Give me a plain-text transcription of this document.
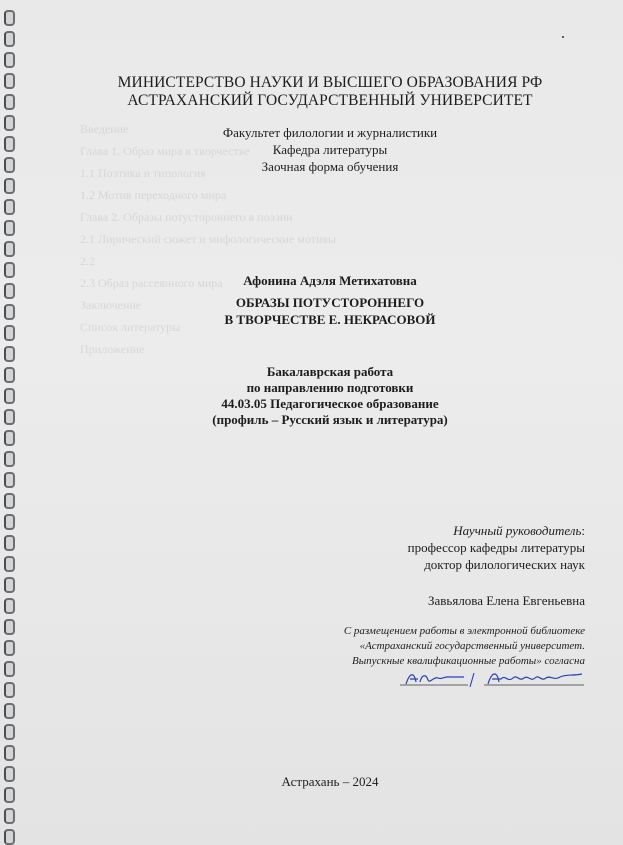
Введение
Глава 1. Образ мира в творчестве
1.1 Поэтика и типология
1.2 Мотив переходного мира
Глава 2. Образы потустороннего в поэзии
2.1 Лирический сюжет и мифологические мотивы
2.2
2.3 Образ рассеянного мира
Заключение
Список литературы
Приложение
МИНИСТЕРСТВО НАУКИ И ВЫСШЕГО ОБРАЗОВАНИЯ РФ
АСТРАХАНСКИЙ ГОСУДАРСТВЕННЫЙ УНИВЕРСИТЕТ
Факультет филологии и журналистики
Кафедра литературы
Заочная форма обучения
Афонина Адэля Метихатовна
ОБРАЗЫ ПОТУСТОРОННЕГО
В ТВОРЧЕСТВЕ Е. НЕКРАСОВОЙ
Бакалаврская работа
по направлению подготовки
44.03.05 Педагогическое образование
(профиль – Русский язык и литература)
Научный руководитель:
профессор кафедры литературы
доктор филологических наук
Завьялова Елена Евгеньевна
С размещением работы в электронной библиотеке
«Астраханский государственный университет.
Выпускные квалификационные работы» согласна
Астрахань – 2024
